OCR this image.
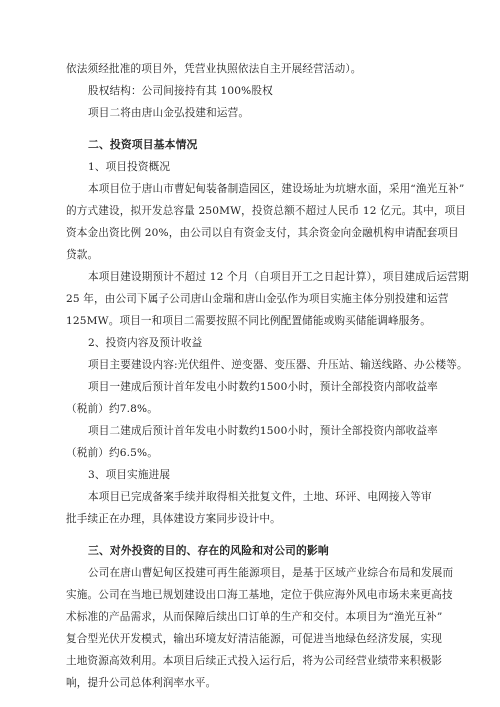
依法须经批准的项目外，凭营业执照依法自主开展经营活动）。
股权结构：公司间接持有其 100%股权
项目二将由唐山金弘投建和运营。
二、投资项目基本情况
1、项目投资概况
本项目位于唐山市曹妃甸装备制造园区，建设场址为坑塘水面，采用“渔光互补”
的方式建设，拟开发总容量 250MW，投资总额不超过人民币 12 亿元。其中，项目
资本金出资比例 20%，由公司以自有资金支付，其余资金向金融机构申请配套项目
贷款。
本项目建设期预计不超过 12 个月（自项目开工之日起计算），项目建成后运营期
25 年，由公司下属子公司唐山金瑞和唐山金弘作为项目实施主体分别投建和运营
125MW。项目一和项目二需要按照不同比例配置储能或购买储能调峰服务。
2、投资内容及预计收益
项目主要建设内容:光伏组件、逆变器、变压器、升压站、输送线路、办公楼等。
项目一建成后预计首年发电小时数约1500小时，预计全部投资内部收益率
（税前）约7.8%。
项目二建成后预计首年发电小时数约1500小时，预计全部投资内部收益率
（税前）约6.5%。
3、项目实施进展
本项目已完成备案手续并取得相关批复文件，土地、环评、电网接入等审
批手续正在办理，具体建设方案同步设计中。
三、对外投资的目的、存在的风险和对公司的影响
公司在唐山曹妃甸区投建可再生能源项目，是基于区域产业综合布局和发展而
实施。公司在当地已规划建设出口海工基地，定位于供应海外风电市场未来更高技
术标准的产品需求，从而保障后续出口订单的生产和交付。本项目为“渔光互补”
复合型光伏开发模式，输出环境友好清洁能源，可促进当地绿色经济发展，实现
土地资源高效利用。本项目后续正式投入运行后，将为公司经营业绩带来积极影
响，提升公司总体利润率水平。
